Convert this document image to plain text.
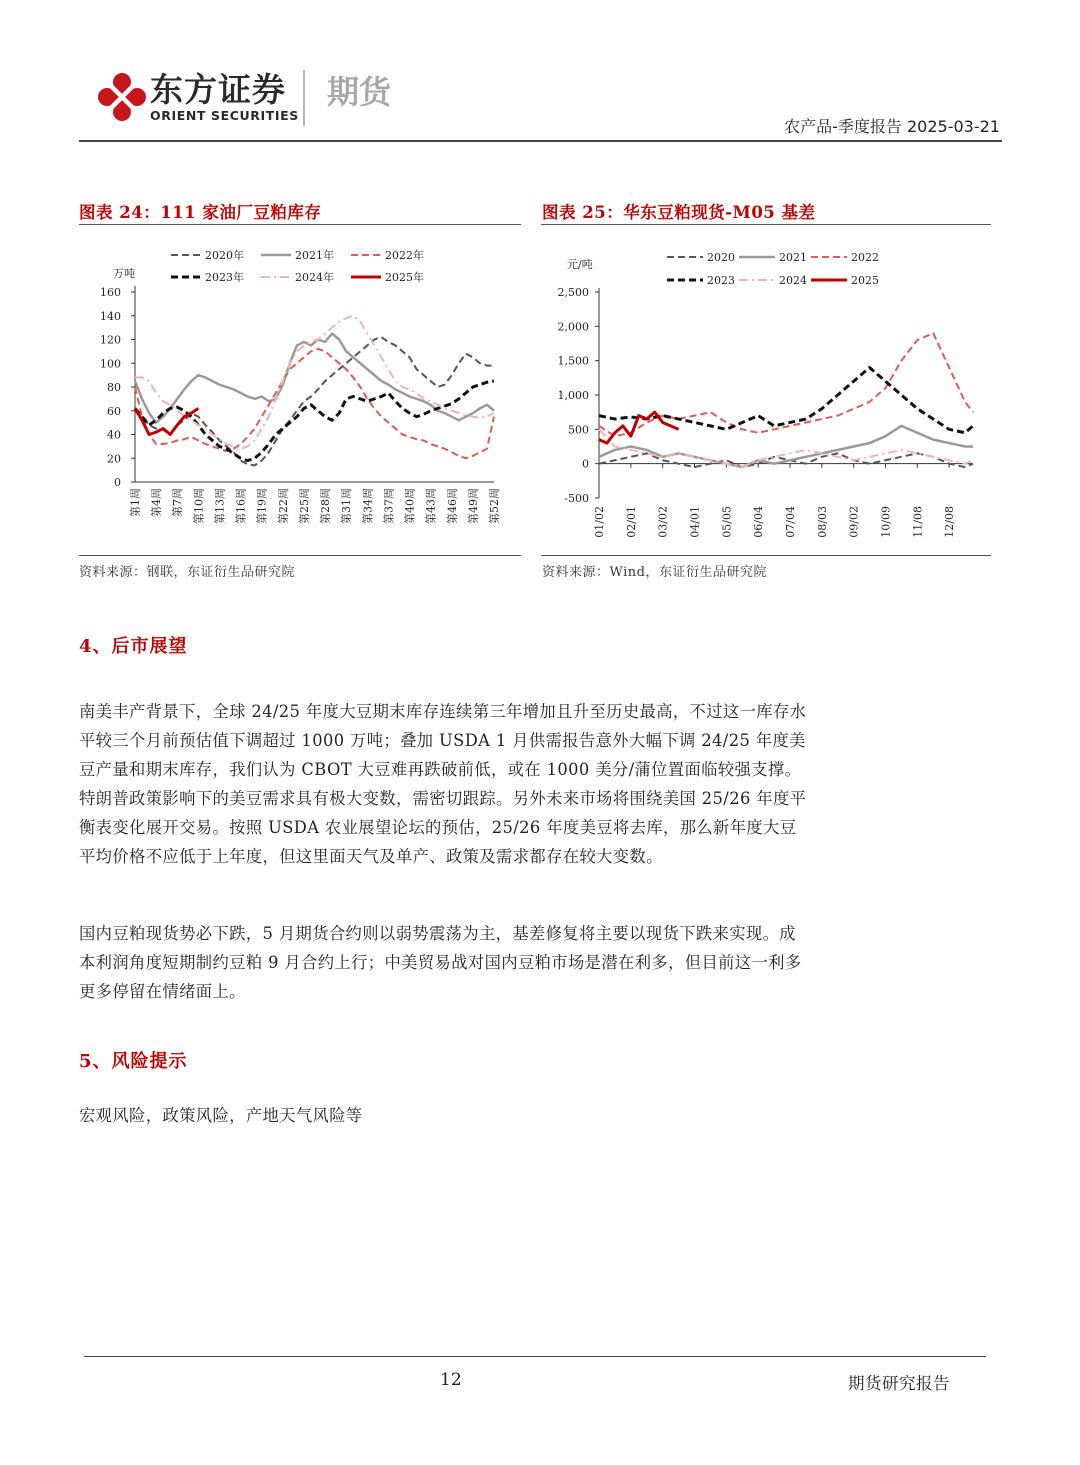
东方证券
ORIENT SECURITIES
期货
农产品-季度报告 2025-03-21
图表 24：111 家油厂豆粕库存
2020年	2021年	2022年
2023年	2024年	2025年
万吨
0
20
40
60
80
100
120
140
160
第1周 第4周 第7周 第10周 第13周 第16周 第19周 第22周 第25周 第28周 第31周 第34周 第37周 第40周 第43周 第46周 第49周 第52周
资料来源：钢联，东证衍生品研究院
图表 25：华东豆粕现货-M05 基差
2020	2021	2022
2023	2024	2025
元/吨
-500
0
500
1,000
1,500
2,000
2,500
01/02 02/01 03/02 04/01 05/05 06/04 07/04 08/03 09/02 10/09 11/08 12/08
资料来源：Wind，东证衍生品研究院
4、后市展望
南美丰产背景下，全球 24/25 年度大豆期末库存连续第三年增加且升至历史最高，不过这一库存水平较三个月前预估值下调超过 1000 万吨；叠加 USDA 1 月供需报告意外大幅下调 24/25 年度美豆产量和期末库存，我们认为 CBOT 大豆难再跌破前低，或在 1000 美分/蒲位置面临较强支撑。特朗普政策影响下的美豆需求具有极大变数，需密切跟踪。另外未来市场将围绕美国 25/26 年度平衡表变化展开交易。按照 USDA 农业展望论坛的预估，25/26 年度美豆将去库，那么新年度大豆平均价格不应低于上年度，但这里面天气及单产、政策及需求都存在较大变数。
国内豆粕现货势必下跌，5 月期货合约则以弱势震荡为主，基差修复将主要以现货下跌来实现。成本利润角度短期制约豆粕 9 月合约上行；中美贸易战对国内豆粕市场是潜在利多，但目前这一利多更多停留在情绪面上。
5、风险提示
宏观风险，政策风险，产地天气风险等
12	期货研究报告
